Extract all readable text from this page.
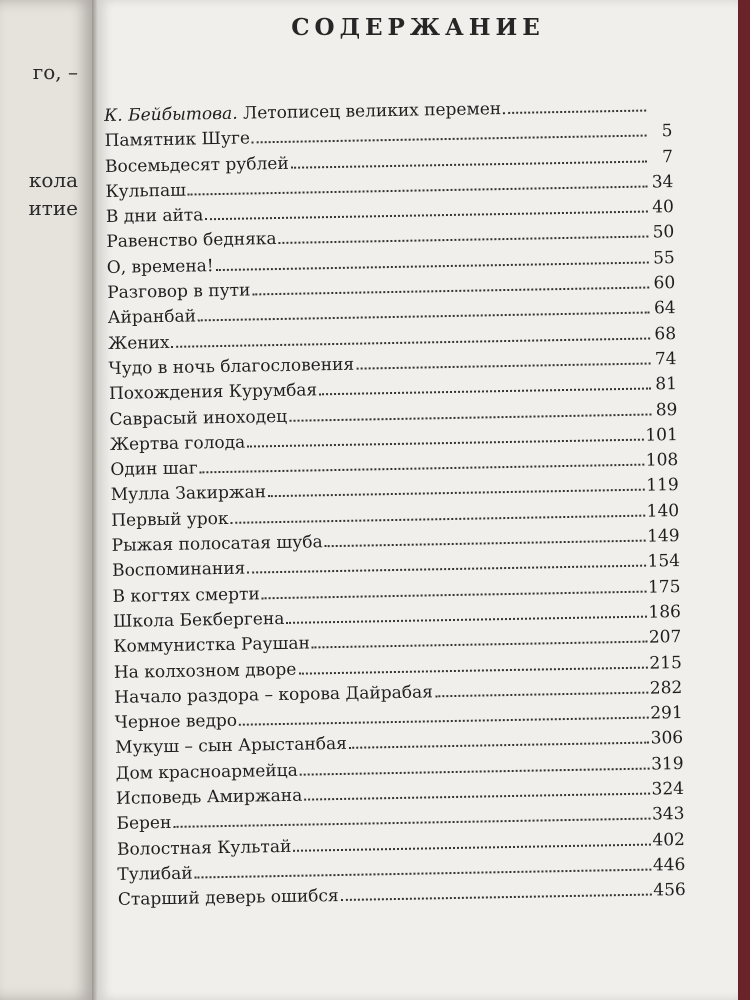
го, –
кола
итие
СОДЕРЖАНИЕ
К. Бейбытова.
Летописец великих перемен.
Памятник Шуге	5
Восемьдесят рублей	7
Кульпаш	34
В дни айта	40
Равенство бедняка	50
О, времена!	55
Разговор в пути	60
Айранбай	64
Жених	68
Чудо в ночь благословения	74
Похождения Курумбая	81
Саврасый иноходец	89
Жертва голода	101
Один шаг	108
Мулла Закиржан	119
Первый урок	140
Рыжая полосатая шуба	149
Воспоминания	154
В когтях смерти	175
Школа Бекбергена	186
Коммунистка Раушан	207
На колхозном дворе	215
Начало раздора – корова Дайрабая	282
Черное ведро	291
Мукуш – сын Арыстанбая	306
Дом красноармейца	319
Исповедь Амиржана	324
Берен	343
Волостная Культай	402
Тулибай	446
Старший деверь ошибся	456
